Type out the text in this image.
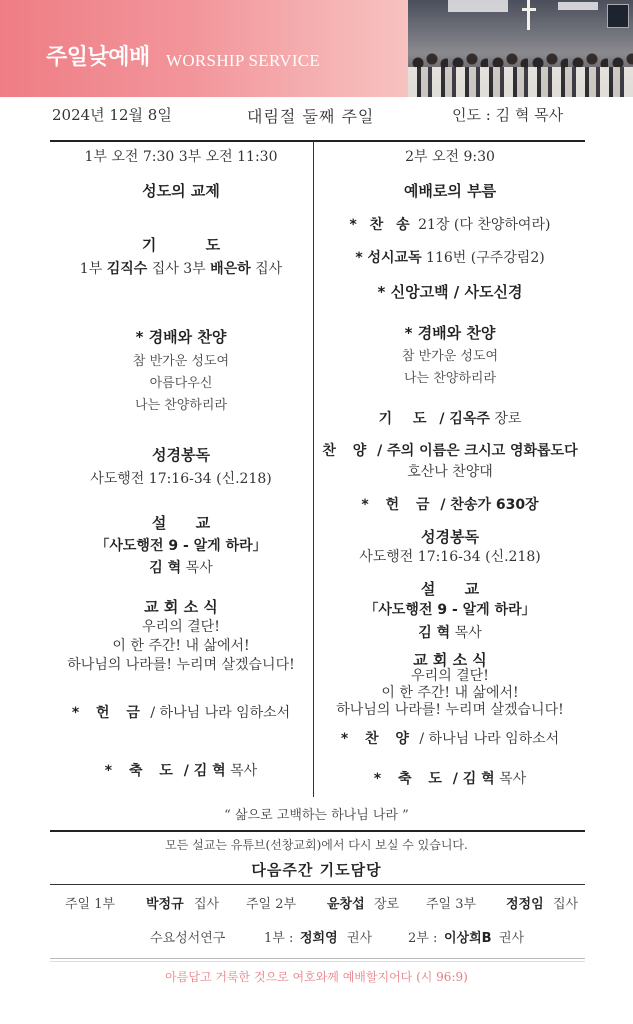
주일낮예배 WORSHIP SERVICE
2024년 12월 8일	대림절 둘째 주일	인도 : 김 혁 목사
1부 오전 7:30 3부 오전 11:30
성도의 교제
기 도
1부 김직수 집사 3부 배은하 집사
* 경배와 찬양
참 반가운 성도여
아름다우신
나는 찬양하리라
성경봉독
사도행전 17:16-34 (신.218)
설 교
「사도행전 9 - 알게 하라」
김 혁 목사
교 회 소 식
우리의 결단!
이 한 주간! 내 삶에서!
하나님의 나라를! 누리며 살겠습니다!
* 헌 금 / 하나님 나라 임하소서
* 축 도 / 김 혁 목사
2부 오전 9:30
예배로의 부름
* 찬 송 21장 (다 찬양하여라)
* 성시교독 116번 (구주강림2)
* 신앙고백 / 사도신경
* 경배와 찬양
참 반가운 성도여
나는 찬양하리라
기 도 / 김옥주 장로
찬 양 / 주의 이름은 크시고 영화롭도다
호산나 찬양대
* 헌 금 / 찬송가 630장
성경봉독
사도행전 17:16-34 (신.218)
설 교
「사도행전 9 - 알게 하라」
김 혁 목사
교 회 소 식
우리의 결단!
이 한 주간! 내 삶에서!
하나님의 나라를! 누리며 살겠습니다!
* 찬 양 / 하나님 나라 임하소서
* 축 도 / 김 혁 목사
“ 삶으로 고백하는 하나님 나라 ”
모든 설교는 유튜브(선창교회)에서 다시 보실 수 있습니다.
다음주간 기도담당
주일 1부 박정규 집사 주일 2부 윤창섭 장로 주일 3부 정정임 집사
수요성서연구	1부 : 정희영 권사	2부 : 이상희B 권사
아름답고 거룩한 것으로 여호와께 예배할지어다 (시 96:9)
